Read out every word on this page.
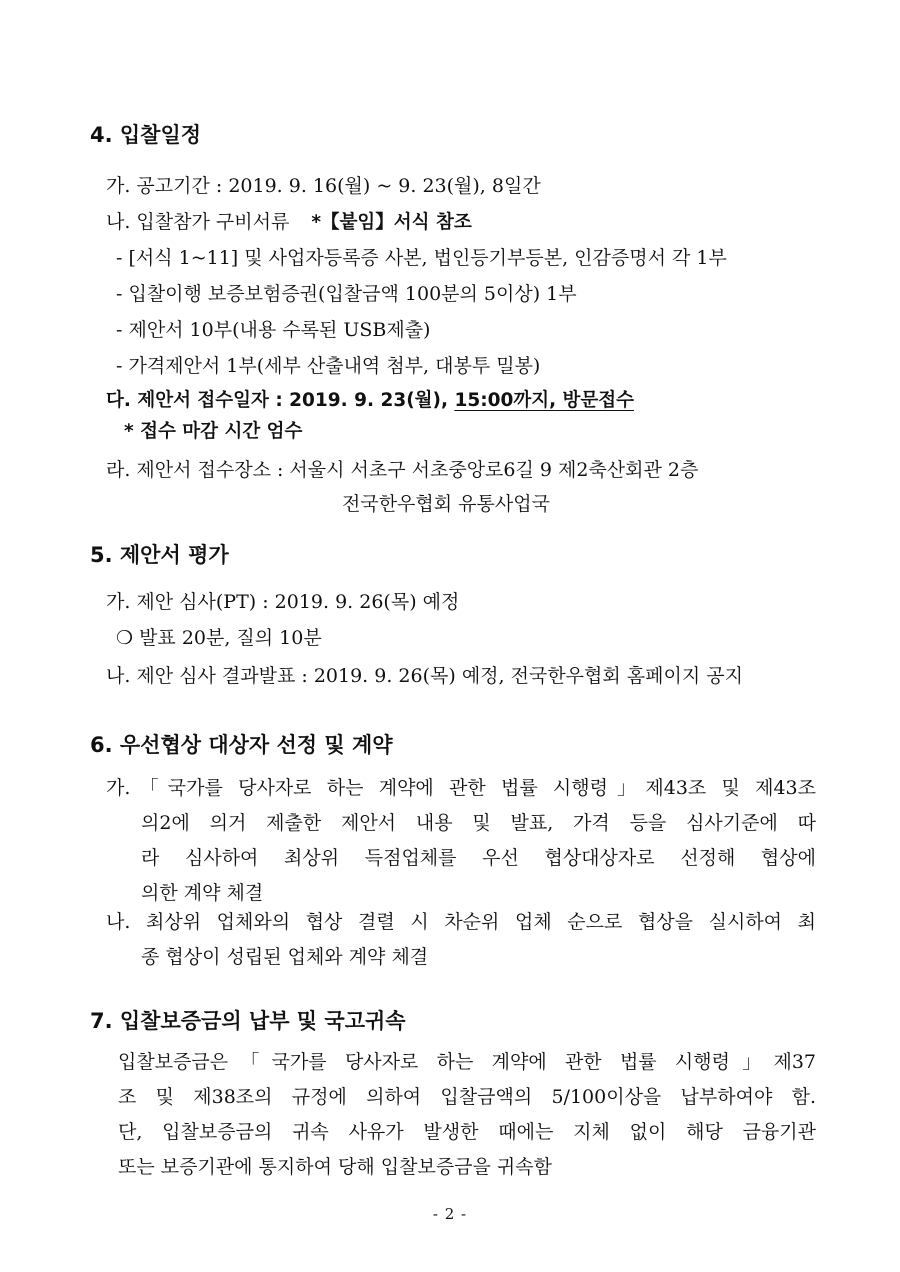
4. 입찰일정
가. 공고기간 : 2019. 9. 16(월) ~ 9. 23(월), 8일간
나. 입찰참가 구비서류 *【붙임】서식 참조
- [서식 1~11] 및 사업자등록증 사본, 법인등기부등본, 인감증명서 각 1부
- 입찰이행 보증보험증권(입찰금액 100분의 5이상) 1부
- 제안서 10부(내용 수록된 USB제출)
- 가격제안서 1부(세부 산출내역 첨부, 대봉투 밀봉)
다. 제안서 접수일자 : 2019. 9. 23(월), 15:00까지, 방문접수
* 접수 마감 시간 엄수
라. 제안서 접수장소 : 서울시 서초구 서초중앙로6길 9 제2축산회관 2층
전국한우협회 유통사업국
5. 제안서 평가
가. 제안 심사(PT) : 2019. 9. 26(목) 예정
❍ 발표 20분, 질의 10분
나. 제안 심사 결과발표 : 2019. 9. 26(목) 예정, 전국한우협회 홈페이지 공지
6. 우선협상 대상자 선정 및 계약
가.「국가를 당사자로 하는 계약에 관한 법률 시행령」제43조 및 제43조
의2에 의거 제출한 제안서 내용 및 발표, 가격 등을 심사기준에 따
라 심사하여 최상위 득점업체를 우선 협상대상자로 선정해 협상에
의한 계약 체결
나. 최상위 업체와의 협상 결렬 시 차순위 업체 순으로 협상을 실시하여 최
종 협상이 성립된 업체와 계약 체결
7. 입찰보증금의 납부 및 국고귀속
입찰보증금은「국가를 당사자로 하는 계약에 관한 법률 시행령」제37
조 및 제38조의 규정에 의하여 입찰금액의 5/100이상을 납부하여야 함.
단, 입찰보증금의 귀속 사유가 발생한 때에는 지체 없이 해당 금융기관
또는 보증기관에 통지하여 당해 입찰보증금을 귀속함
- 2 -
